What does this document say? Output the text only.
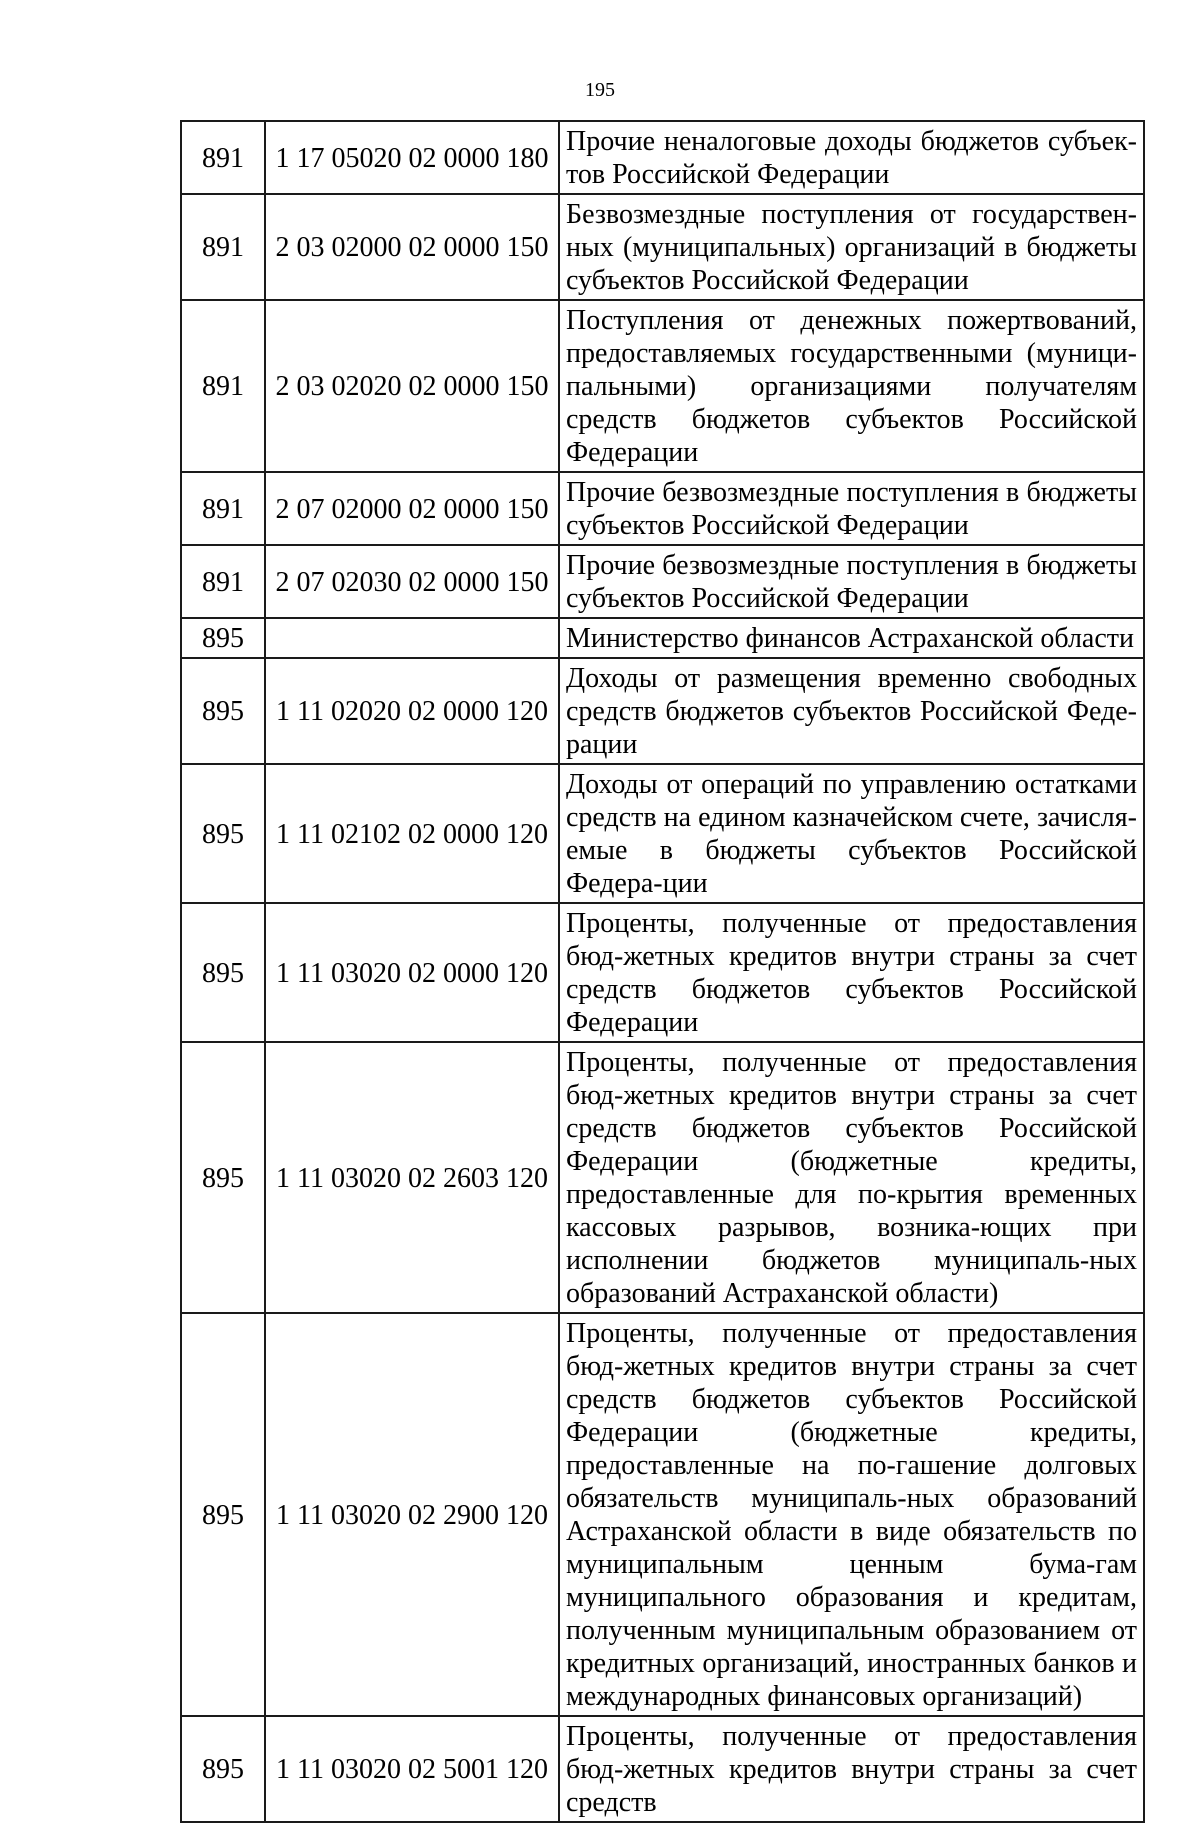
195
891	1 17 05020 02 0000 180	Прочие неналоговые доходы бюджетов субъек-тов Российской Федерации
891	2 03 02000 02 0000 150	Безвозмездные поступления от государствен-ных (муниципальных) организаций в бюджеты субъектов Российской Федерации
891	2 03 02020 02 0000 150	Поступления от денежных пожертвований, предоставляемых государственными (муници-пальными) организациями получателям средств бюджетов субъектов Российской Федерации
891	2 07 02000 02 0000 150	Прочие безвозмездные поступления в бюджеты субъектов Российской Федерации
891	2 07 02030 02 0000 150	Прочие безвозмездные поступления в бюджеты субъектов Российской Федерации
895		Министерство финансов Астраханской области
895	1 11 02020 02 0000 120	Доходы от размещения временно свободных средств бюджетов субъектов Российской Феде-рации
895	1 11 02102 02 0000 120	Доходы от операций по управлению остатками средств на едином казначейском счете, зачисля-емые в бюджеты субъектов Российской Федера-ции
895	1 11 03020 02 0000 120	Проценты, полученные от предоставления бюд-жетных кредитов внутри страны за счет средств бюджетов субъектов Российской Федерации
895	1 11 03020 02 2603 120	Проценты, полученные от предоставления бюд-жетных кредитов внутри страны за счет средств бюджетов субъектов Российской Федерации (бюджетные кредиты, предоставленные для по-крытия временных кассовых разрывов, возника-ющих при исполнении бюджетов муниципаль-ных образований Астраханской области)
895	1 11 03020 02 2900 120	Проценты, полученные от предоставления бюд-жетных кредитов внутри страны за счет средств бюджетов субъектов Российской Федерации (бюджетные кредиты, предоставленные на по-гашение долговых обязательств муниципаль-ных образований Астраханской области в виде обязательств по муниципальным ценным бума-гам муниципального образования и кредитам, полученным муниципальным образованием от кредитных организаций, иностранных банков и международных финансовых организаций)
895	1 11 03020 02 5001 120	Проценты, полученные от предоставления бюд-жетных кредитов внутри страны за счет средств
